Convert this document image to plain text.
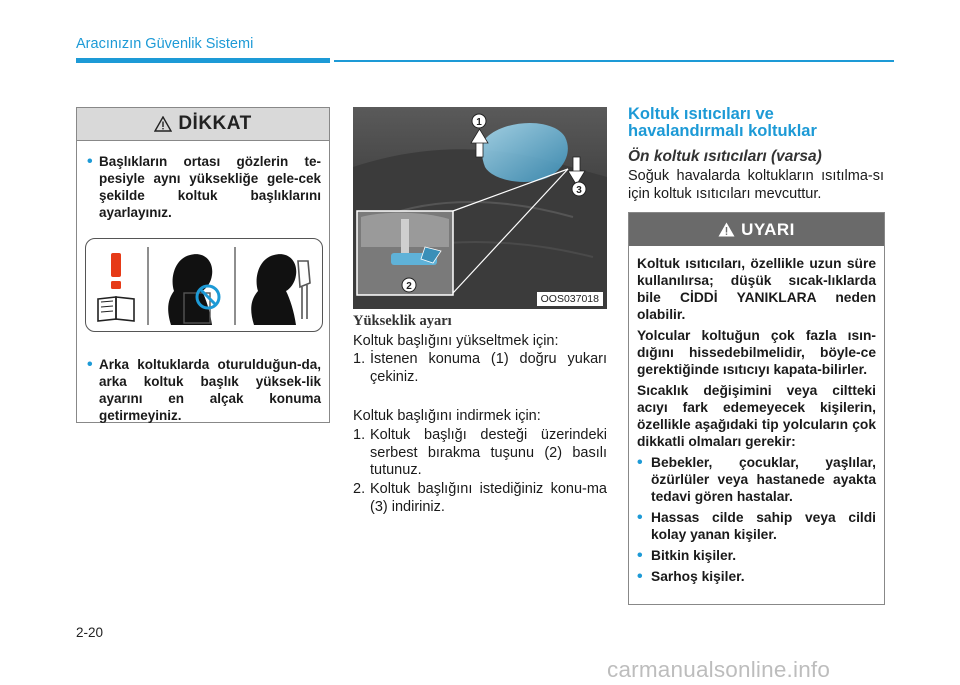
Aracınızın Güvenlik Sistemi
DİKKAT
• Başlıkların ortası gözlerin te-pesiyle aynı yüksekliğe gele-cek şekilde koltuk başlıklarını ayarlayınız.
• Arka koltuklarda oturulduğun-da, arka koltuk başlık yüksek-lik ayarını en alçak konuma getirmeyiniz.
1
3
2
OOS037018
Yükseklik ayarı
Koltuk başlığını yükseltmek için:
1. İstenen konuma (1) doğru yukarı çekiniz.
Koltuk başlığını indirmek için:
1. Koltuk başlığı desteği üzerindeki serbest bırakma tuşunu (2) basılı tutunuz.
2. Koltuk başlığını istediğiniz konu-ma (3) indiriniz.
Koltuk ısıtıcıları ve havalandırmalı koltuklar
Ön koltuk ısıtıcıları (varsa)
Soğuk havalarda koltukların ısıtılma-sı için koltuk ısıtıcıları mevcuttur.
UYARI

Koltuk ısıtıcıları, özellikle uzun süre kullanılırsa; düşük sıcak-lıklarda bile CİDDİ YANIKLARA neden olabilir.

Yolcular koltuğun çok fazla ısın-dığını hissedebilmelidir, böyle-ce gerektiğinde ısıtıcıyı kapata-bilirler.

Sıcaklık değişimini veya ciltteki acıyı fark edemeyecek kişilerin, özellikle aşağıdaki tip yolcuların çok dikkatli olmaları gerekir:

• Bebekler, çocuklar, yaşlılar, özürlüler veya hastanede ayakta tedavi gören hastalar.
• Hassas cilde sahip veya cildi kolay yanan kişiler.
• Bitkin kişiler.
• Sarhoş kişiler.
2-20
carmanualsonline.info
